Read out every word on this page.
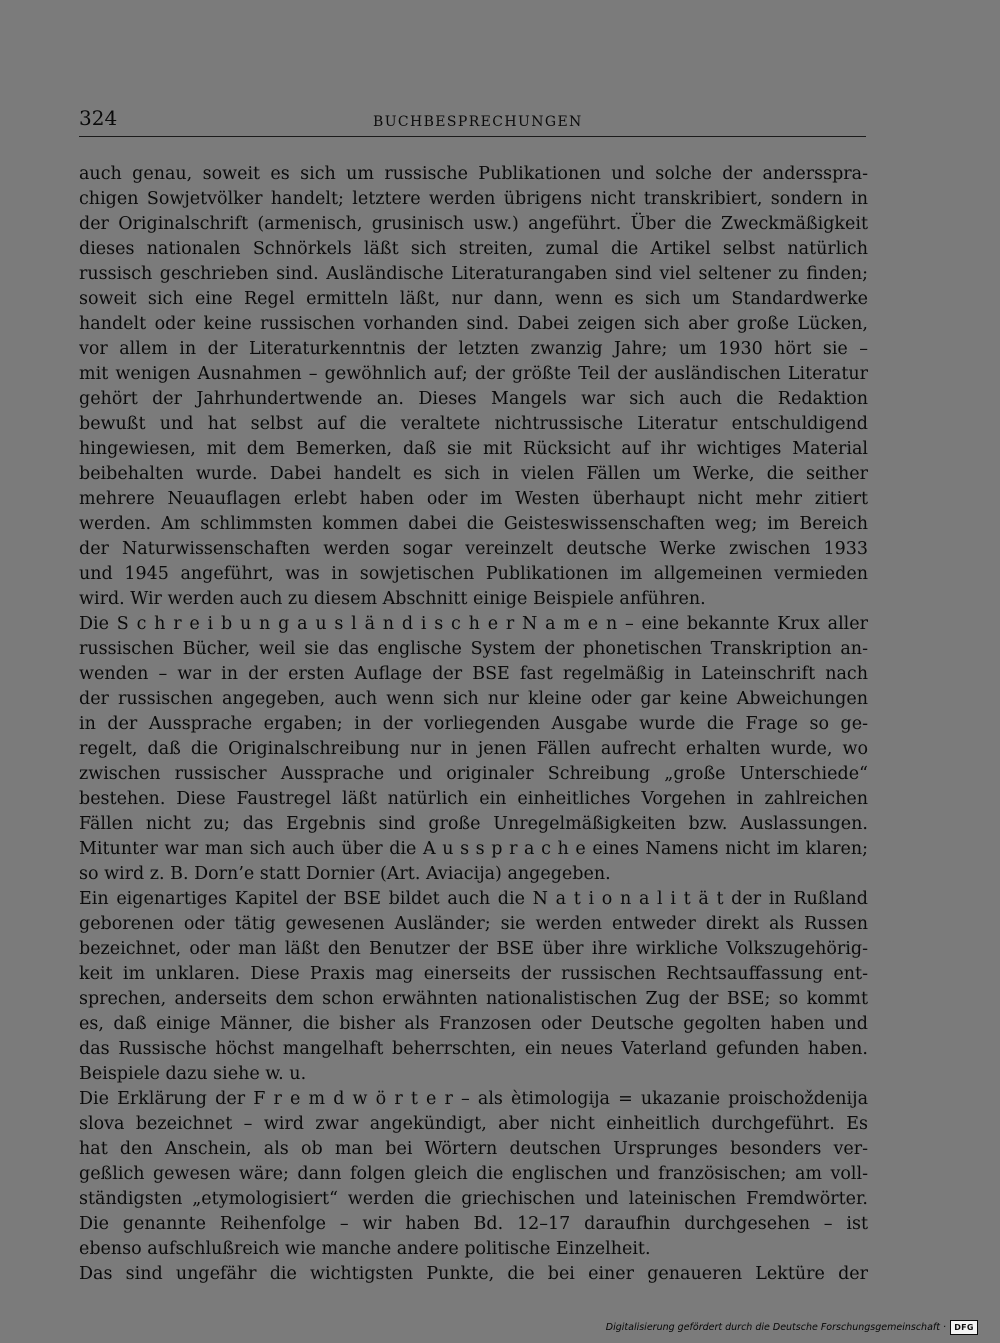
324	BUCHBESPRECHUNGEN
auch genau, soweit es sich um russische Publikationen und solche der andersspra-
chigen Sowjetvölker handelt; letztere werden übrigens nicht transkribiert, sondern in
der Originalschrift (armenisch, grusinisch usw.) angeführt. Über die Zweckmäßigkeit
dieses nationalen Schnörkels läßt sich streiten, zumal die Artikel selbst natürlich
russisch geschrieben sind. Ausländische Literaturangaben sind viel seltener zu finden;
soweit sich eine Regel ermitteln läßt, nur dann, wenn es sich um Standardwerke
handelt oder keine russischen vorhanden sind. Dabei zeigen sich aber große Lücken,
vor allem in der Literaturkenntnis der letzten zwanzig Jahre; um 1930 hört sie –
mit wenigen Ausnahmen – gewöhnlich auf; der größte Teil der ausländischen Literatur
gehört der Jahrhundertwende an. Dieses Mangels war sich auch die Redaktion
bewußt und hat selbst auf die veraltete nichtrussische Literatur entschuldigend
hingewiesen, mit dem Bemerken, daß sie mit Rücksicht auf ihr wichtiges Material
beibehalten wurde. Dabei handelt es sich in vielen Fällen um Werke, die seither
mehrere Neuauflagen erlebt haben oder im Westen überhaupt nicht mehr zitiert
werden. Am schlimmsten kommen dabei die Geisteswissenschaften weg; im Bereich
der Naturwissenschaften werden sogar vereinzelt deutsche Werke zwischen 1933
und 1945 angeführt, was in sowjetischen Publikationen im allgemeinen vermieden
wird. Wir werden auch zu diesem Abschnitt einige Beispiele anführen.
Die S c h r e i b u n g a u s l ä n d i s c h e r N a m e n – eine bekannte Krux aller
russischen Bücher, weil sie das englische System der phonetischen Transkription an-
wenden – war in der ersten Auflage der BSE fast regelmäßig in Lateinschrift nach
der russischen angegeben, auch wenn sich nur kleine oder gar keine Abweichungen
in der Aussprache ergaben; in der vorliegenden Ausgabe wurde die Frage so ge-
regelt, daß die Originalschreibung nur in jenen Fällen aufrecht erhalten wurde, wo
zwischen russischer Aussprache und originaler Schreibung „große Unterschiede“
bestehen. Diese Faustregel läßt natürlich ein einheitliches Vorgehen in zahlreichen
Fällen nicht zu; das Ergebnis sind große Unregelmäßigkeiten bzw. Auslassungen.
Mitunter war man sich auch über die A u s s p r a c h e eines Namens nicht im klaren;
so wird z. B. Dorn’e statt Dornier (Art. Aviacija) angegeben.
Ein eigenartiges Kapitel der BSE bildet auch die N a t i o n a l i t ä t der in Rußland
geborenen oder tätig gewesenen Ausländer; sie werden entweder direkt als Russen
bezeichnet, oder man läßt den Benutzer der BSE über ihre wirkliche Volkszugehörig-
keit im unklaren. Diese Praxis mag einerseits der russischen Rechtsauffassung ent-
sprechen, anderseits dem schon erwähnten nationalistischen Zug der BSE; so kommt
es, daß einige Männer, die bisher als Franzosen oder Deutsche gegolten haben und
das Russische höchst mangelhaft beherrschten, ein neues Vaterland gefunden haben.
Beispiele dazu siehe w. u.
Die Erklärung der F r e m d w ö r t e r – als ètimologija = ukazanie proischoždenija
slova bezeichnet – wird zwar angekündigt, aber nicht einheitlich durchgeführt. Es
hat den Anschein, als ob man bei Wörtern deutschen Ursprunges besonders ver-
geßlich gewesen wäre; dann folgen gleich die englischen und französischen; am voll-
ständigsten „etymologisiert“ werden die griechischen und lateinischen Fremdwörter.
Die genannte Reihenfolge – wir haben Bd. 12–17 daraufhin durchgesehen – ist
ebenso aufschlußreich wie manche andere politische Einzelheit.
Das sind ungefähr die wichtigsten Punkte, die bei einer genaueren Lektüre der
Digitalisierung gefördert durch die Deutsche Forschungsgemeinschaft ·	DFG
